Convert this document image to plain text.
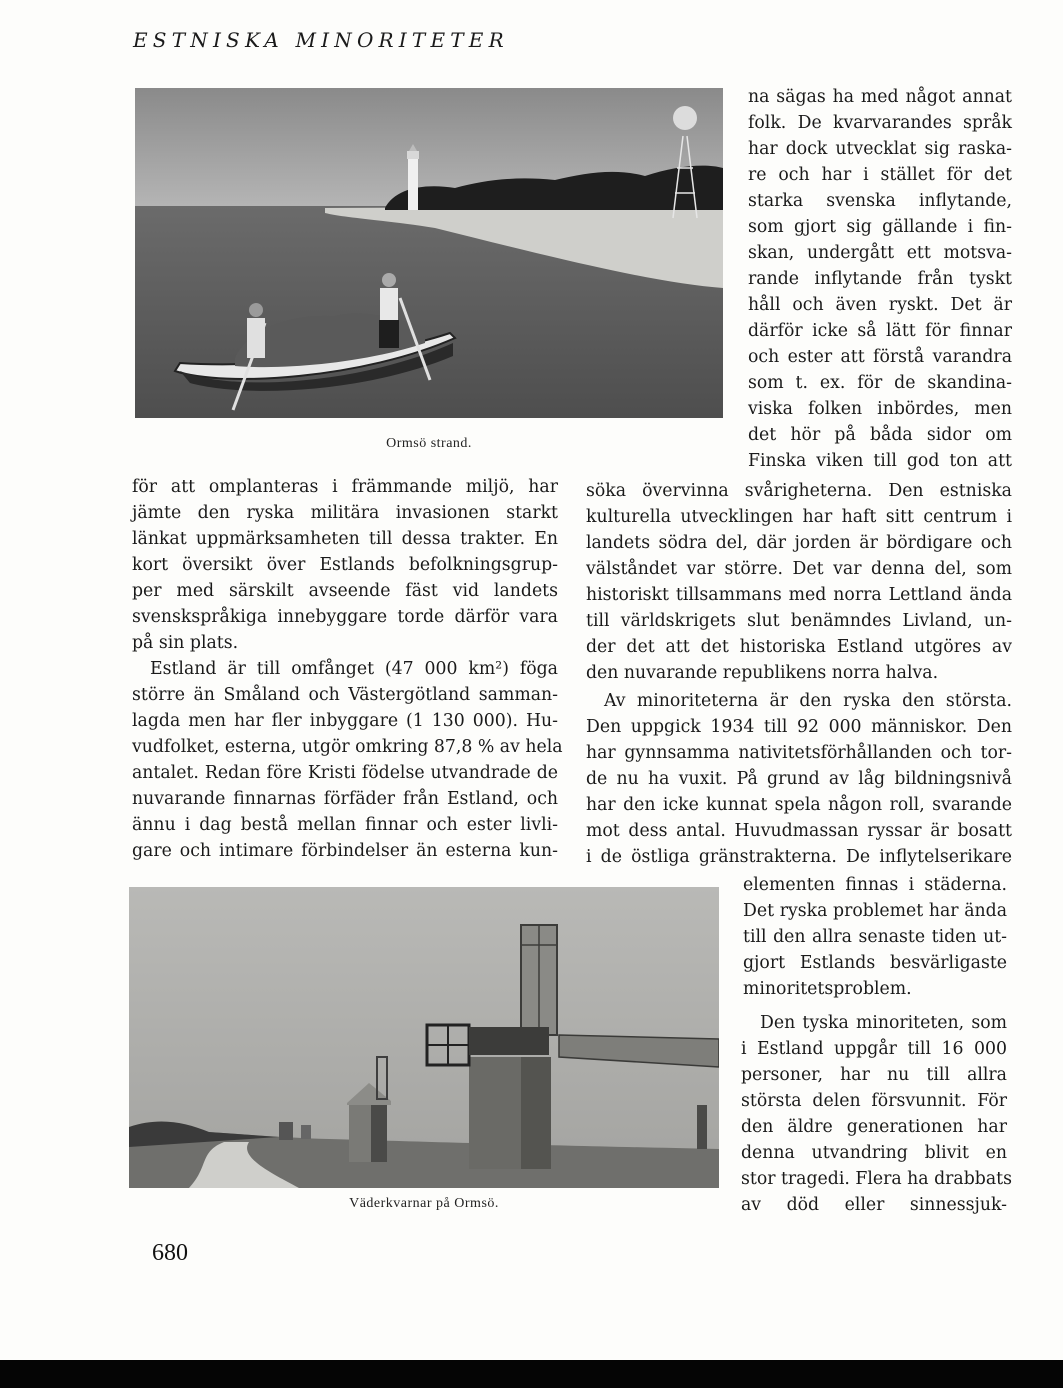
ESTNISKA MINORITETER
Ormsö strand.
na sägas ha med något annat
folk. De kvarvarandes språk
har dock utvecklat sig raska-
re och har i stället för det
starka svenska inflytande,
som gjort sig gällande i fin-
skan, undergått ett motsva-
rande inflytande från tyskt
håll och även ryskt. Det är
därför icke så lätt för finnar
och ester att förstå varandra
som t. ex. för de skandina-
viska folken inbördes, men
det hör på båda sidor om
Finska viken till god ton att
för att omplanteras i främmande miljö, har
jämte den ryska militära invasionen starkt
länkat uppmärksamheten till dessa trakter. En
kort översikt över Estlands befolkningsgrup-
per med särskilt avseende fäst vid landets
svenskspråkiga innebyggare torde därför vara
på sin plats.
Estland är till omfånget (47 000 km²) föga
större än Småland och Västergötland samman-
lagda men har fler inbyggare (1 130 000). Hu-
vudfolket, esterna, utgör omkring 87,8 % av hela
antalet. Redan före Kristi födelse utvandrade de
nuvarande finnarnas förfäder från Estland, och
ännu i dag bestå mellan finnar och ester livli-
gare och intimare förbindelser än esterna kun-
söka övervinna svårigheterna. Den estniska
kulturella utvecklingen har haft sitt centrum i
landets södra del, där jorden är bördigare och
välståndet var större. Det var denna del, som
historiskt tillsammans med norra Lettland ända
till världskrigets slut benämndes Livland, un-
der det att det historiska Estland utgöres av
den nuvarande republikens norra halva.
Av minoriteterna är den ryska den största.
Den uppgick 1934 till 92 000 människor. Den
har gynnsamma nativitetsförhållanden och tor-
de nu ha vuxit. På grund av låg bildningsnivå
har den icke kunnat spela någon roll, svarande
mot dess antal. Huvudmassan ryssar är bosatt
i de östliga gränstrakterna. De inflytelserikare
Väderkvarnar på Ormsö.
elementen finnas i städerna.
Det ryska problemet har ända
till den allra senaste tiden ut-
gjort Estlands besvärligaste
minoritetsproblem.
Den tyska minoriteten, som
i Estland uppgår till 16 000
personer, har nu till allra
största delen försvunnit. För
den äldre generationen har
denna utvandring blivit en
stor tragedi. Flera ha drabbats
av död eller sinnessjuk-
680
